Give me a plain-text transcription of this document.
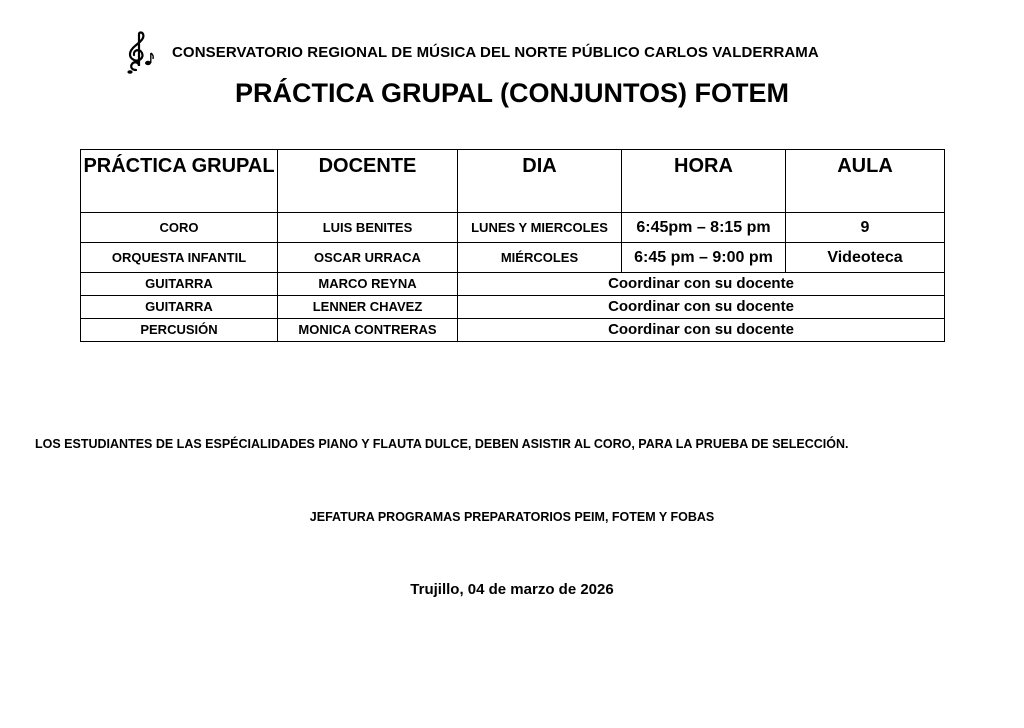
CONSERVATORIO REGIONAL DE MÚSICA DEL NORTE PÚBLICO CARLOS VALDERRAMA
PRÁCTICA GRUPAL (CONJUNTOS) FOTEM
PRÁCTICA GRUPAL	DOCENTE	DIA	HORA	AULA
CORO	LUIS BENITES	LUNES Y MIERCOLES	6:45pm – 8:15 pm	9
ORQUESTA INFANTIL	OSCAR URRACA	MIÉRCOLES	6:45 pm – 9:00 pm	Videoteca
GUITARRA	MARCO REYNA	Coordinar con su docente		
GUITARRA	LENNER CHAVEZ	Coordinar con su docente		
PERCUSIÓN	MONICA CONTRERAS	Coordinar con su docente		
LOS ESTUDIANTES DE LAS ESPÉCIALIDADES PIANO Y FLAUTA DULCE, DEBEN ASISTIR AL CORO, PARA LA PRUEBA DE SELECCIÓN.
JEFATURA PROGRAMAS PREPARATORIOS PEIM, FOTEM Y FOBAS
Trujillo, 04 de marzo de 2026
